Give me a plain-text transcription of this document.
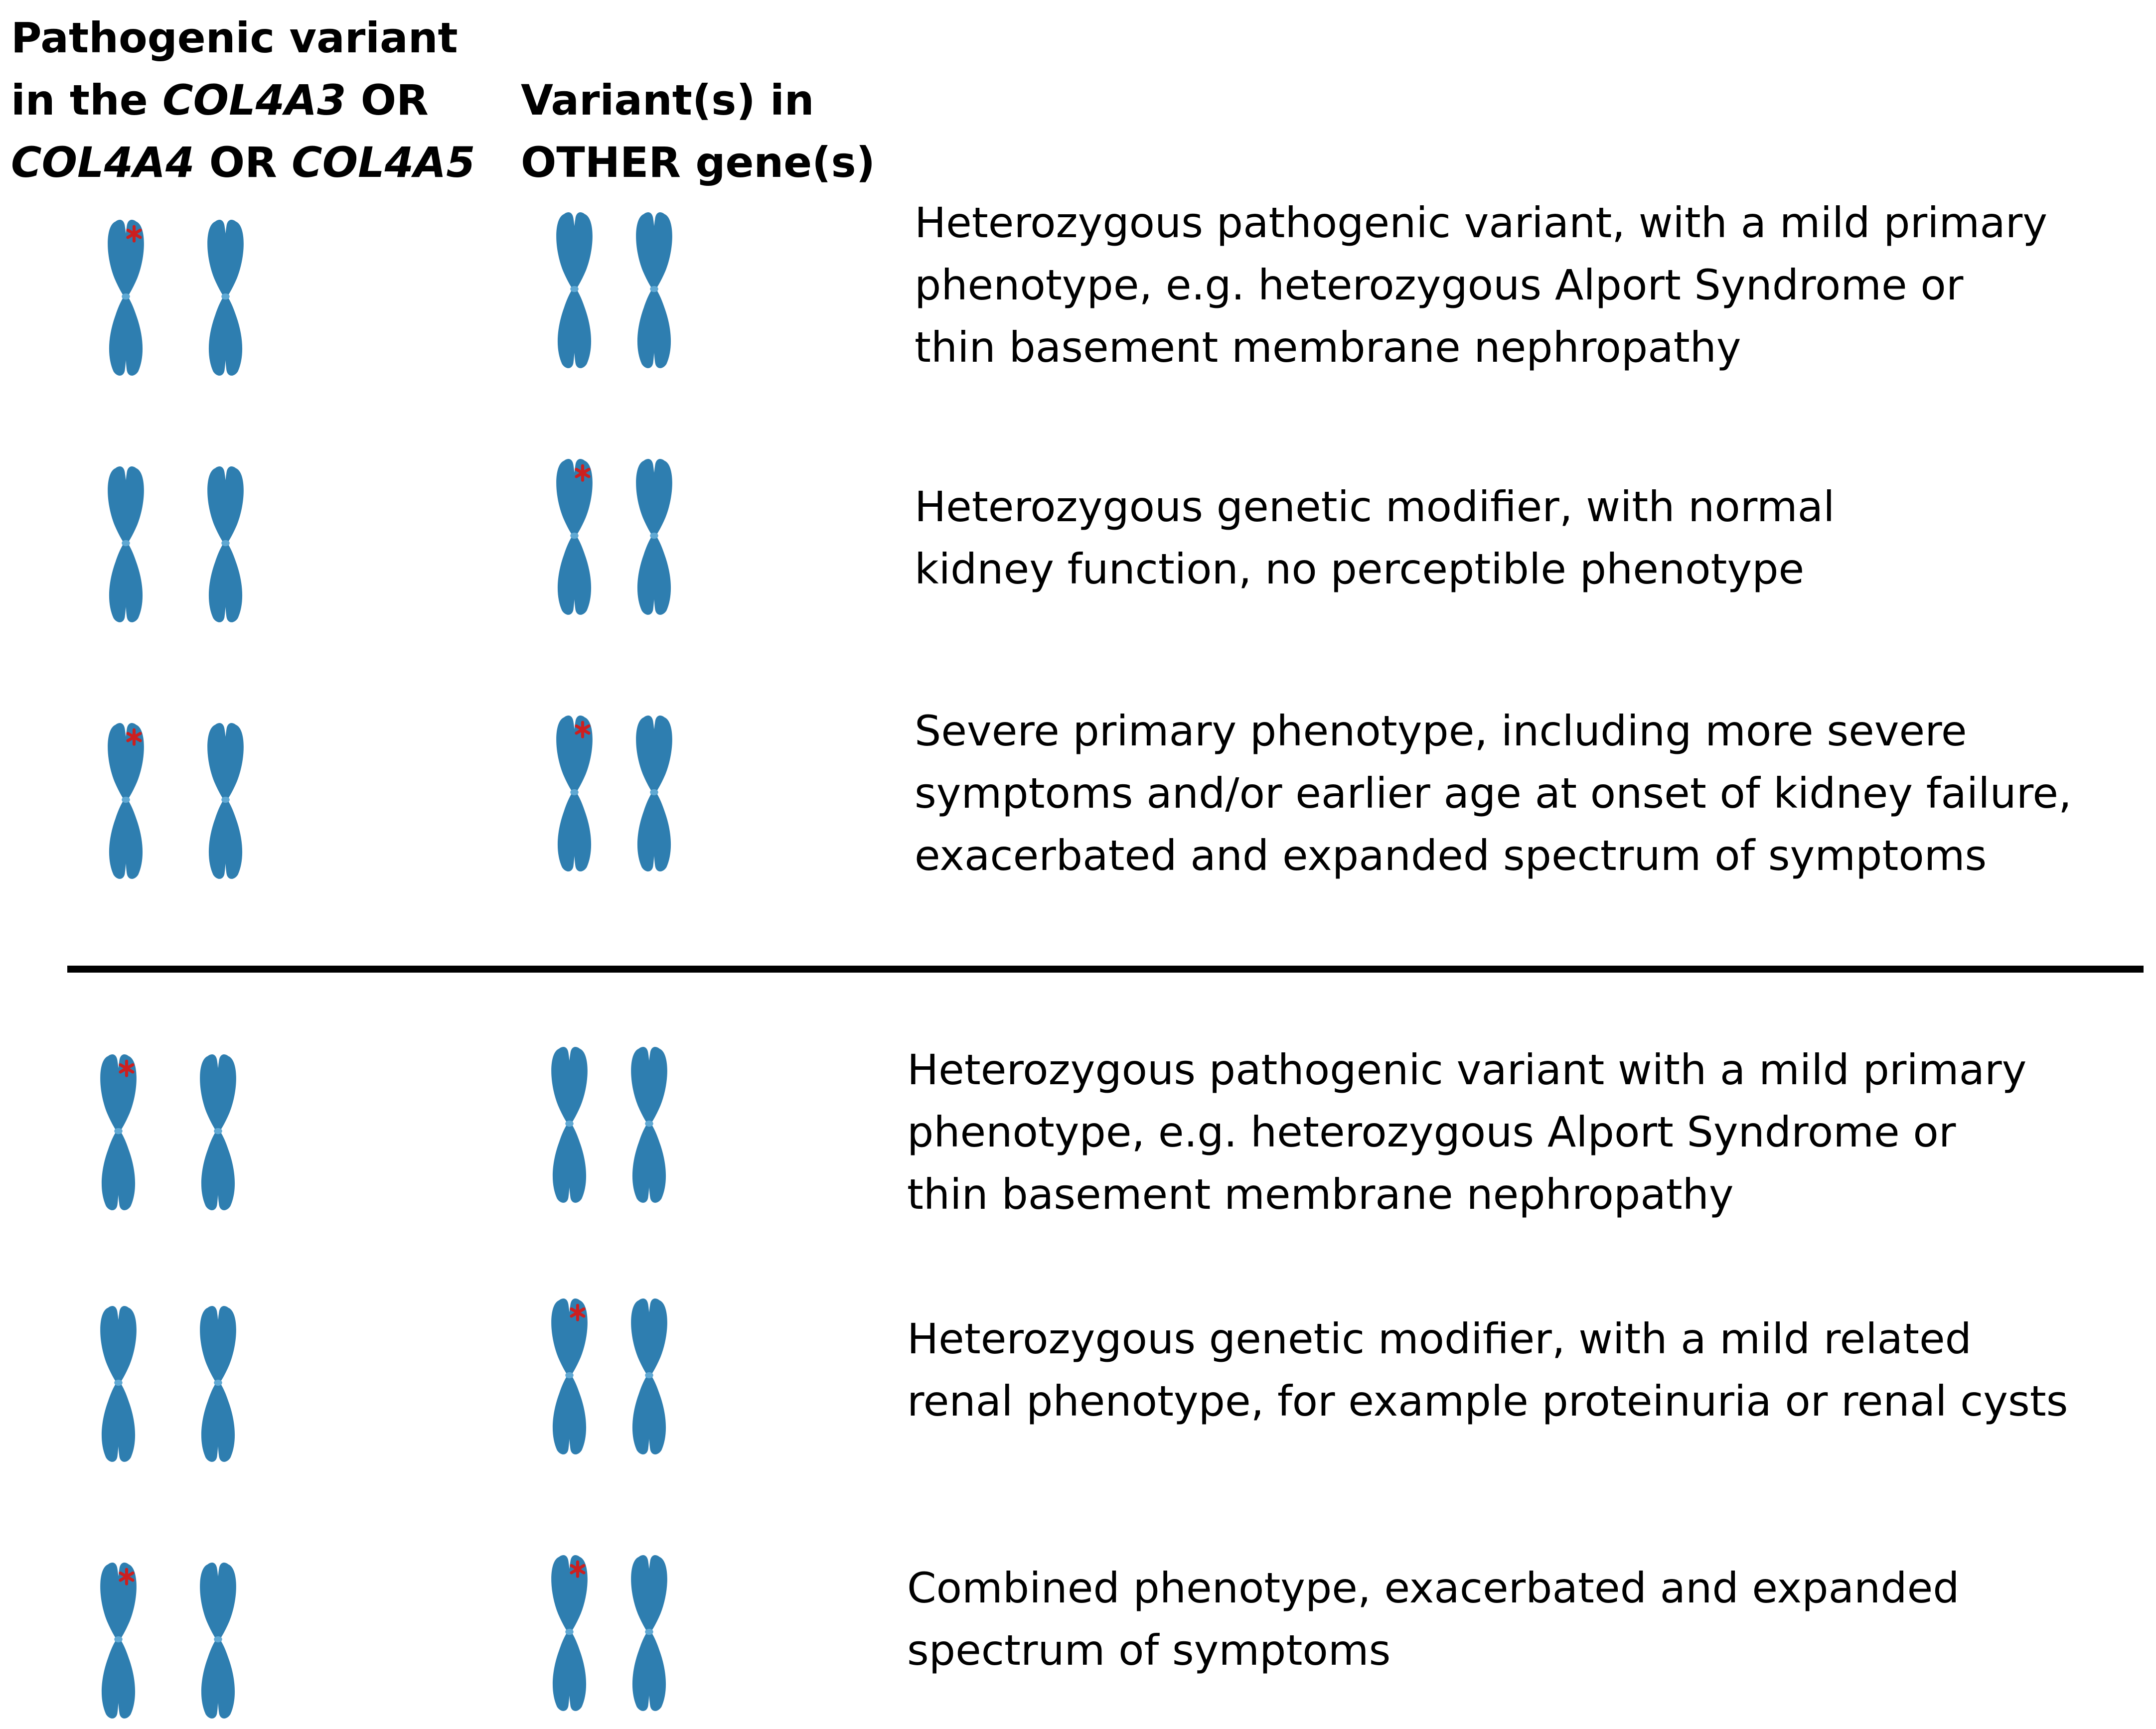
Pathogenic variant
in the COL4A3 OR
COL4A4 OR COL4A5
Variant(s) in
OTHER gene(s)

Heterozygous pathogenic variant, with a mild primary
phenotype, e.g. heterozygous Alport Syndrome or
thin basement membrane nephropathy

Heterozygous genetic modifier, with normal
kidney function, no perceptible phenotype

Severe primary phenotype, including more severe
symptoms and/or earlier age at onset of kidney failure,
exacerbated and expanded spectrum of symptoms

Heterozygous pathogenic variant with a mild primary
phenotype, e.g. heterozygous Alport Syndrome or
thin basement membrane nephropathy

Heterozygous genetic modifier, with a mild related
renal phenotype, for example proteinuria or renal cysts

Combined phenotype, exacerbated and expanded
spectrum of symptoms
